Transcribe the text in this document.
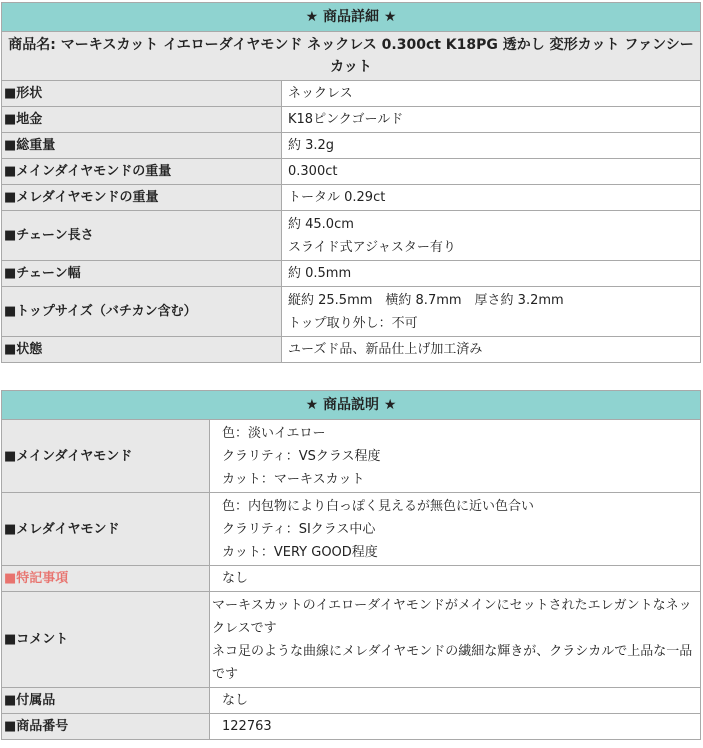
★ 商品詳細 ★	
商品名: マーキスカット イエローダイヤモンド ネックレス 0.300ct K18PG 透かし 変形カット ファンシーカット	
■ 形状	ネックレス
■ 地金	K18ピンクゴールド
■ 総重量	約 3.2g
■ メインダイヤモンドの重量	0.300ct
■ メレダイヤモンドの重量	トータル 0.29ct
■ チェーン長さ	約 45.0cm
スライド式アジャスター有り

■ チェーン幅	約 0.5mm
■ トップサイズ（バチカン含む）	縦約 25.5mm　横約 8.7mm　厚さ約 3.2mm
トップ取り外し：不可

■ 状態	ユーズド品、新品仕上げ加工済み
★ 商品説明 ★	
■ メインダイヤモンド	色：淡いイエロー
クラリティ：VSクラス程度
カット：マーキスカット

■ メレダイヤモンド	色：内包物により白っぽく見えるが無色に近い色合い
クラリティ：SIクラス中心
カット：VERY GOOD程度

■ 特記事項	なし
■ コメント	マーキスカットのイエローダイヤモンドがメインにセットされたエレガントなネックレスです
ネコ足のような曲線にメレダイヤモンドの繊細な輝きが、クラシカルで上品な一品です

■ 付属品	なし
■ 商品番号	122763
